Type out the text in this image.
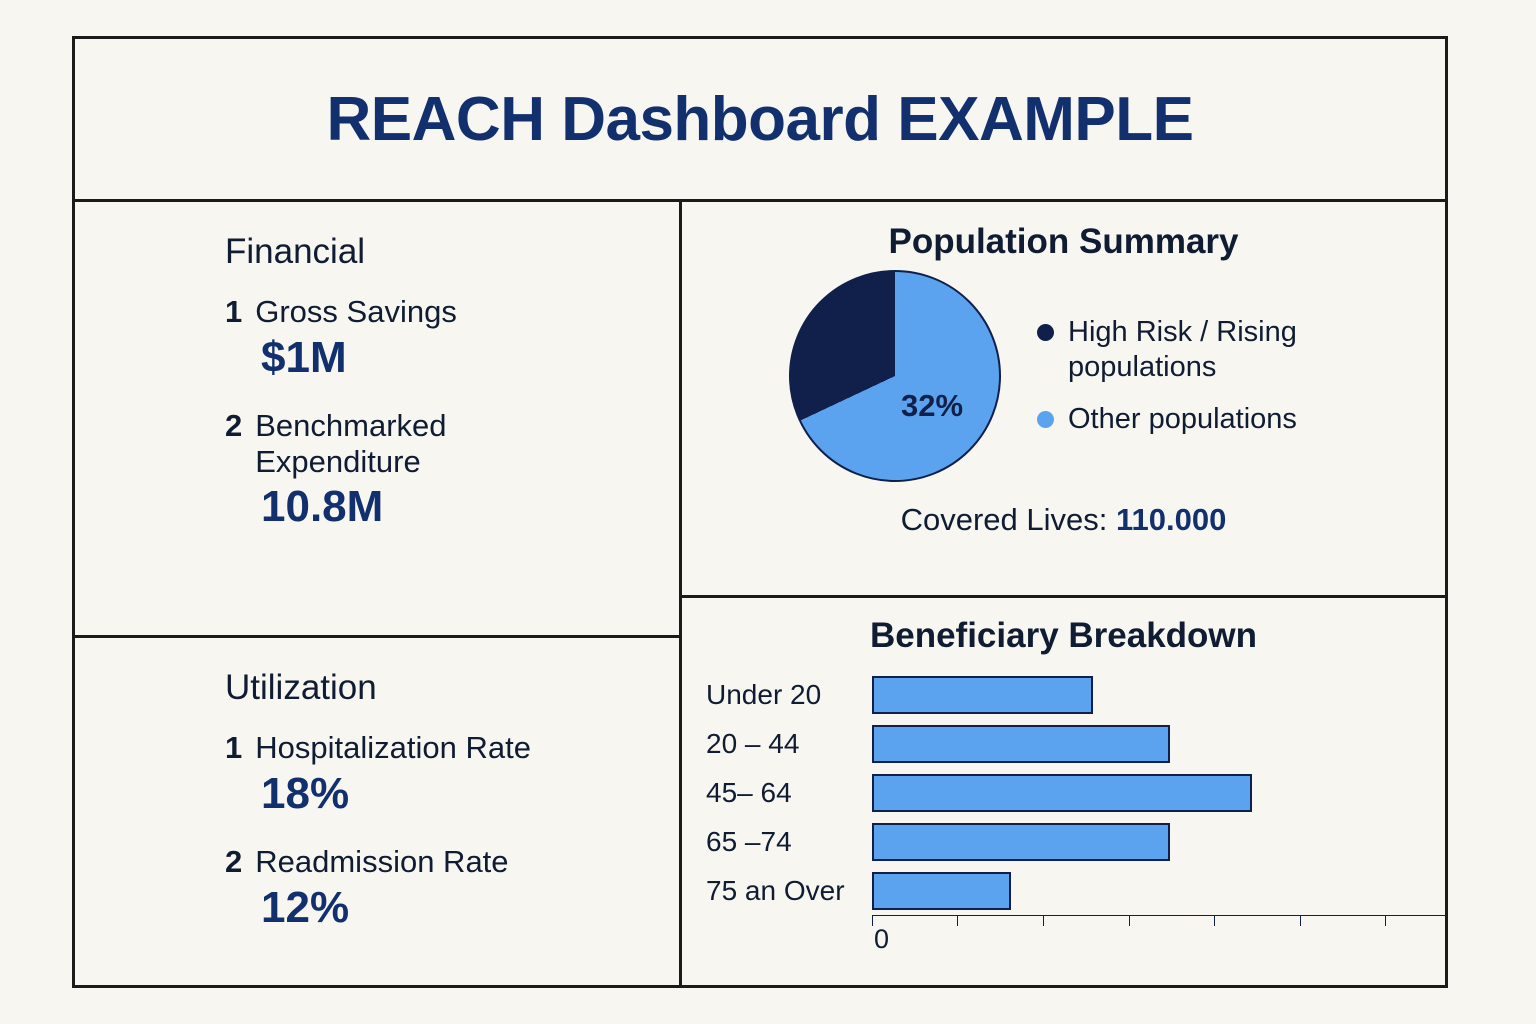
REACH Dashboard EXAMPLE
Financial
1 Gross Savings
$1M
2 Benchmarked Expenditure
10.8M
Utilization
1 Hospitalization Rate
18%
2 Readmission Rate
12%
Population Summary
32%
High Risk / Rising populations
Other populations
Covered Lives: 110.000
Beneficiary Breakdown
Under 20
20 – 44
45– 64
65 –74
75 an Over
0
